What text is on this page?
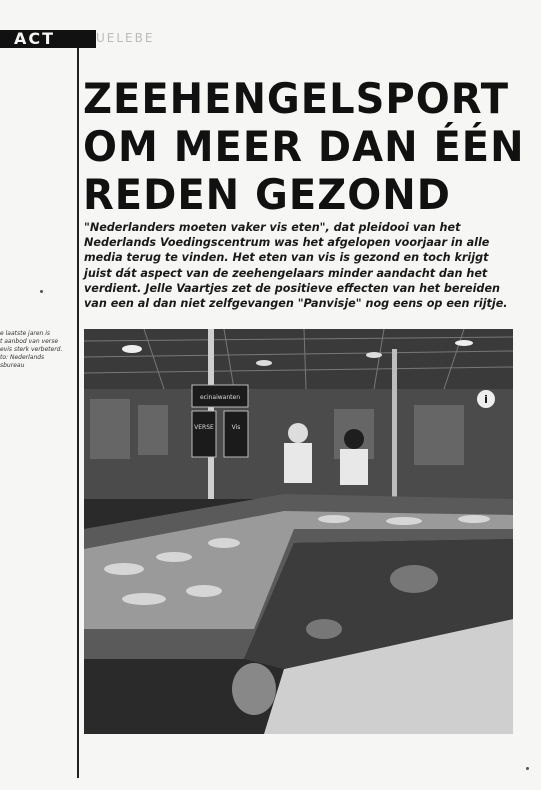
ACT	UELEBE
ZEEHENGELSPORT
OM MEER DAN ÉÉN
REDEN GEZOND
"Nederlanders moeten vaker vis eten", dat pleidooi van het Nederlands Voedingscentrum was het afgelopen voorjaar in alle media terug te vinden. Het eten van vis is gezond en toch krijgt juist dát aspect van de zeehengelaars minder aandacht dan het verdient. Jelle Vaartjes zet de positieve effecten van het bereiden van een al dan niet zelfgevangen "Panvisje" nog eens op een rijtje.
e laatste jaren is
t aanbod van verse
evis sterk verbeterd.
to: Nederlands
sbureau
ecinaiwanten
VERSE	Vis
i
